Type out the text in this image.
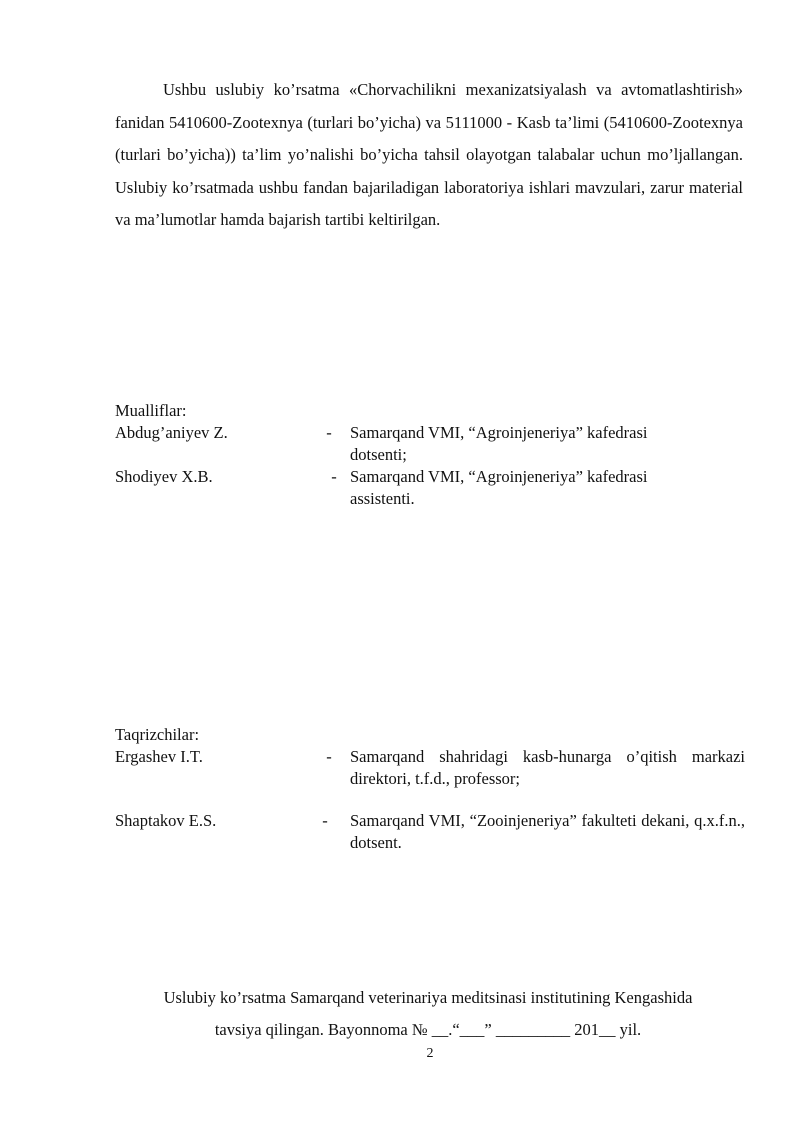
Ushbu uslubiy ko’rsatma «Chorvachilikni mexanizatsiyalash va avtomatlashtirish» fanidan 5410600-Zootexnya (turlari bo’yicha) va 5111000 - Kasb ta’limi (5410600-Zootexnya (turlari bo’yicha)) ta’lim yo’nalishi bo’yicha tahsil olayotgan talabalar uchun mo’ljallangan. Uslubiy ko’rsatmada ushbu fandan bajariladigan laboratoriya ishlari mavzulari, zarur material va ma’lumotlar hamda bajarish tartibi keltirilgan.

Mualliflar:

Abdug’aniyev Z.	-	Samarqand VMI, “Agroinjeneriya” kafedrasi dotsenti;
Shodiyev X.B.	- Samarqand VMI, “Agroinjeneriya” kafedrasi assistenti.

Taqrizchilar:

Ergashev I.T.	-	Samarqand shahridagi kasb-hunarga o’qitish markazi direktori, t.f.d., professor;
Shaptakov E.S.	-	Samarqand VMI, “Zooinjeneriya” fakulteti dekani, q.x.f.n., dotsent.
Uslubiy ko’rsatma Samarqand veterinariya meditsinasi institutining Kengashida
tavsiya qilingan. Bayonnoma № __.“___” _________ 201__ yil.
2
